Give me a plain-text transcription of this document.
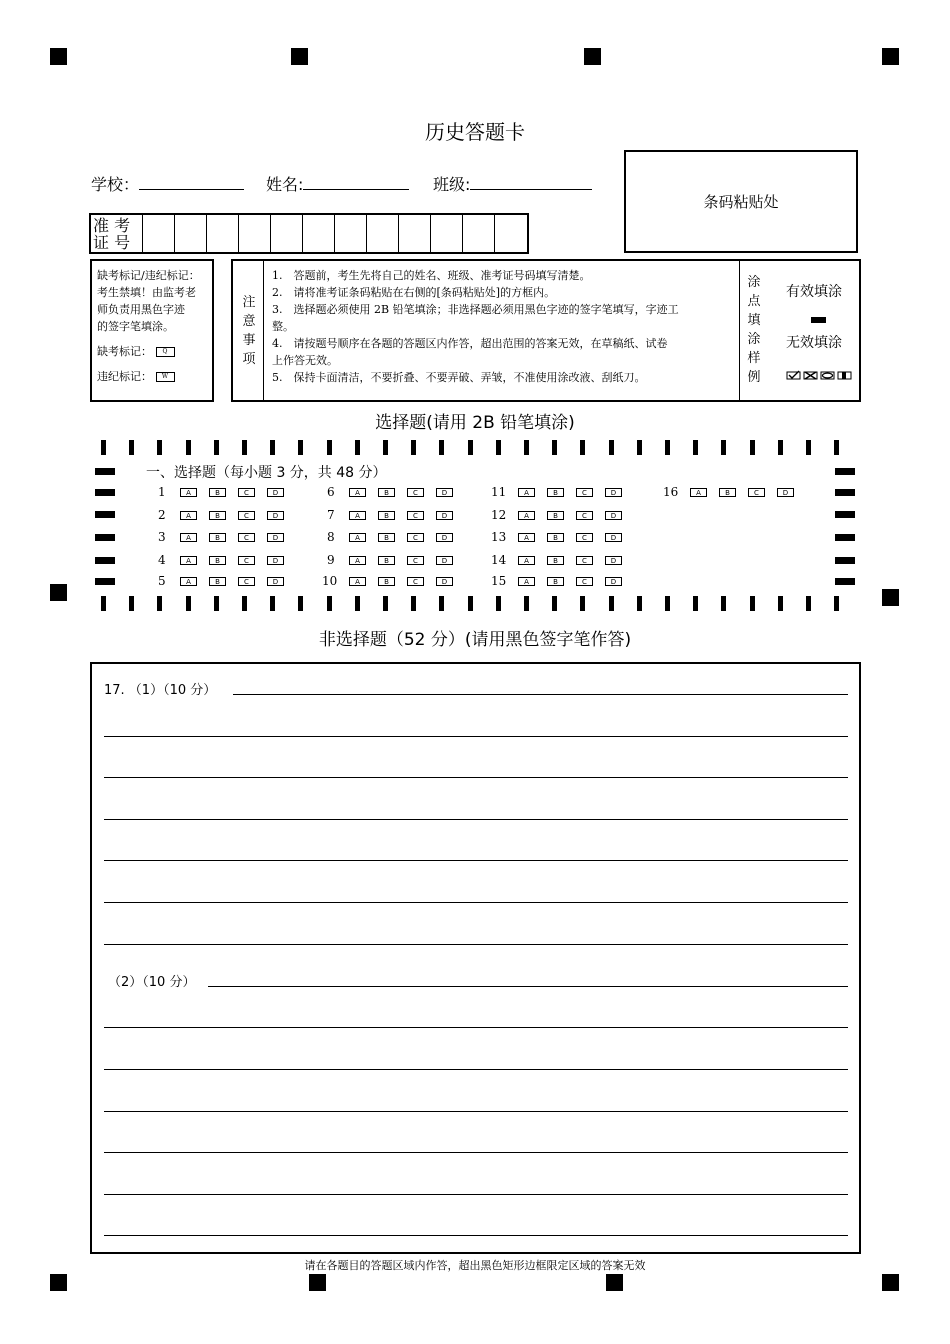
历史答题卡
学校：	姓名:	班级:
条码粘贴处
准 考
证 号
缺考标记/违纪标记：
考生禁填！由监考老
师负责用黑色字迹
的签字笔填涂。
缺考标记： Q
违纪标记： W
注
意
事
项
1.　答题前，考生先将自己的姓名、班级、准考证号码填写清楚。
2.　请将准考证条码粘贴在右侧的[条码粘贴处]的方框内。
3.　选择题必须使用 2B 铅笔填涂；非选择题必须用黑色字迹的签字笔填写，字迹工
整。
4.　请按题号顺序在各题的答题区内作答，超出范围的答案无效，在草稿纸、试卷
上作答无效。
5.　保持卡面清洁，不要折叠、不要弄破、弄皱，不准使用涂改液、刮纸刀。
涂
点
填
涂
样
例
有效填涂
无效填涂
选择题(请用 2B 铅笔填涂)
1	A	B	C	D
2	A	B	C	D
3	A	B	C	D
4	A	B	C	D
5	A	B	C	D
6	A	B	C	D
7	A	B	C	D
8	A	B	C	D
9	A	B	C	D
10	A	B	C	D
11	A	B	C	D
12	A	B	C	D
13	A	B	C	D
14	A	B	C	D
15	A	B	C	D
16	A	B	C	D
一、选择题（每小题 3 分，共 48 分）
非选择题（52 分）(请用黑色签字笔作答)
17. （1）（10 分）
（2）（10 分）
请在各题目的答题区域内作答，超出黑色矩形边框限定区域的答案无效
